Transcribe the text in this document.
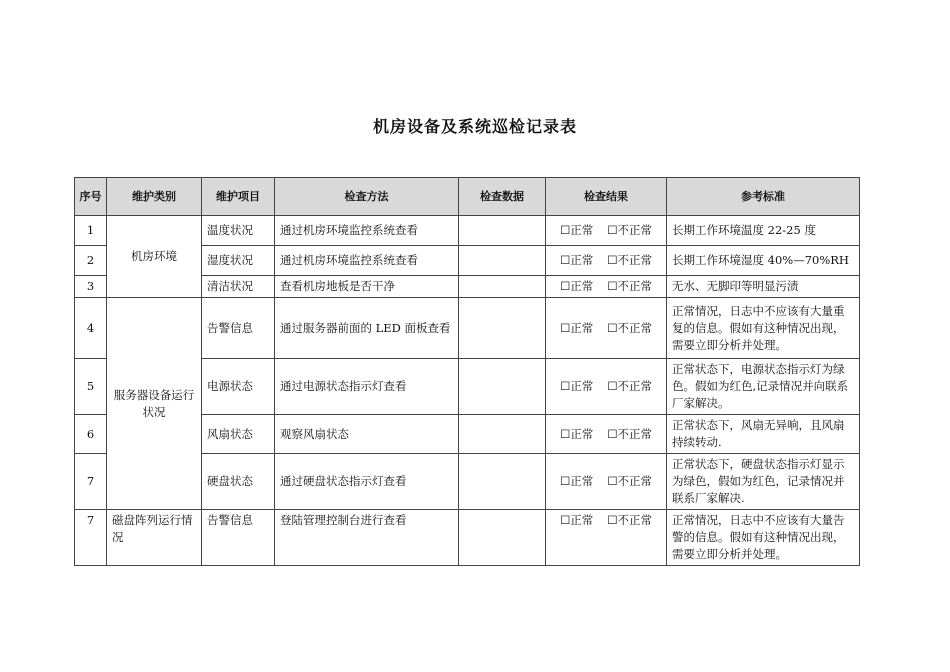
机房设备及系统巡检记录表
序号	维护类别	维护项目	检查方法	检查数据	检查结果	参考标准
1	机房环境	温度状况	通过机房环境监控系统查看		☐正常 ☐不正常	长期工作环境温度 22-25 度
2		湿度状况	通过机房环境监控系统查看		☐正常 ☐不正常	长期工作环境湿度 40%—70%RH
3		清洁状况	查看机房地板是否干净		☐正常 ☐不正常	无水、无脚印等明显污渍
4	服务器设备运行状况	告警信息	通过服务器前面的 LED 面板查看		☐正常 ☐不正常	正常情况，日志中不应该有大量重复的信息。假如有这种情况出现，需要立即分析并处理。
5		电源状态	通过电源状态指示灯查看		☐正常 ☐不正常	正常状态下，电源状态指示灯为绿色。假如为红色,记录情况并向联系厂家解决。
6		风扇状态	观察风扇状态		☐正常 ☐不正常	正常状态下，风扇无异响，且风扇持续转动.
7		硬盘状态	通过硬盘状态指示灯查看		☐正常 ☐不正常	正常状态下，硬盘状态指示灯显示为绿色，假如为红色，记录情况并联系厂家解决.
7	磁盘阵列运行情况	告警信息	登陆管理控制台进行查看		☐正常 ☐不正常	正常情况，日志中不应该有大量告警的信息。假如有这种情况出现，需要立即分析并处理。
